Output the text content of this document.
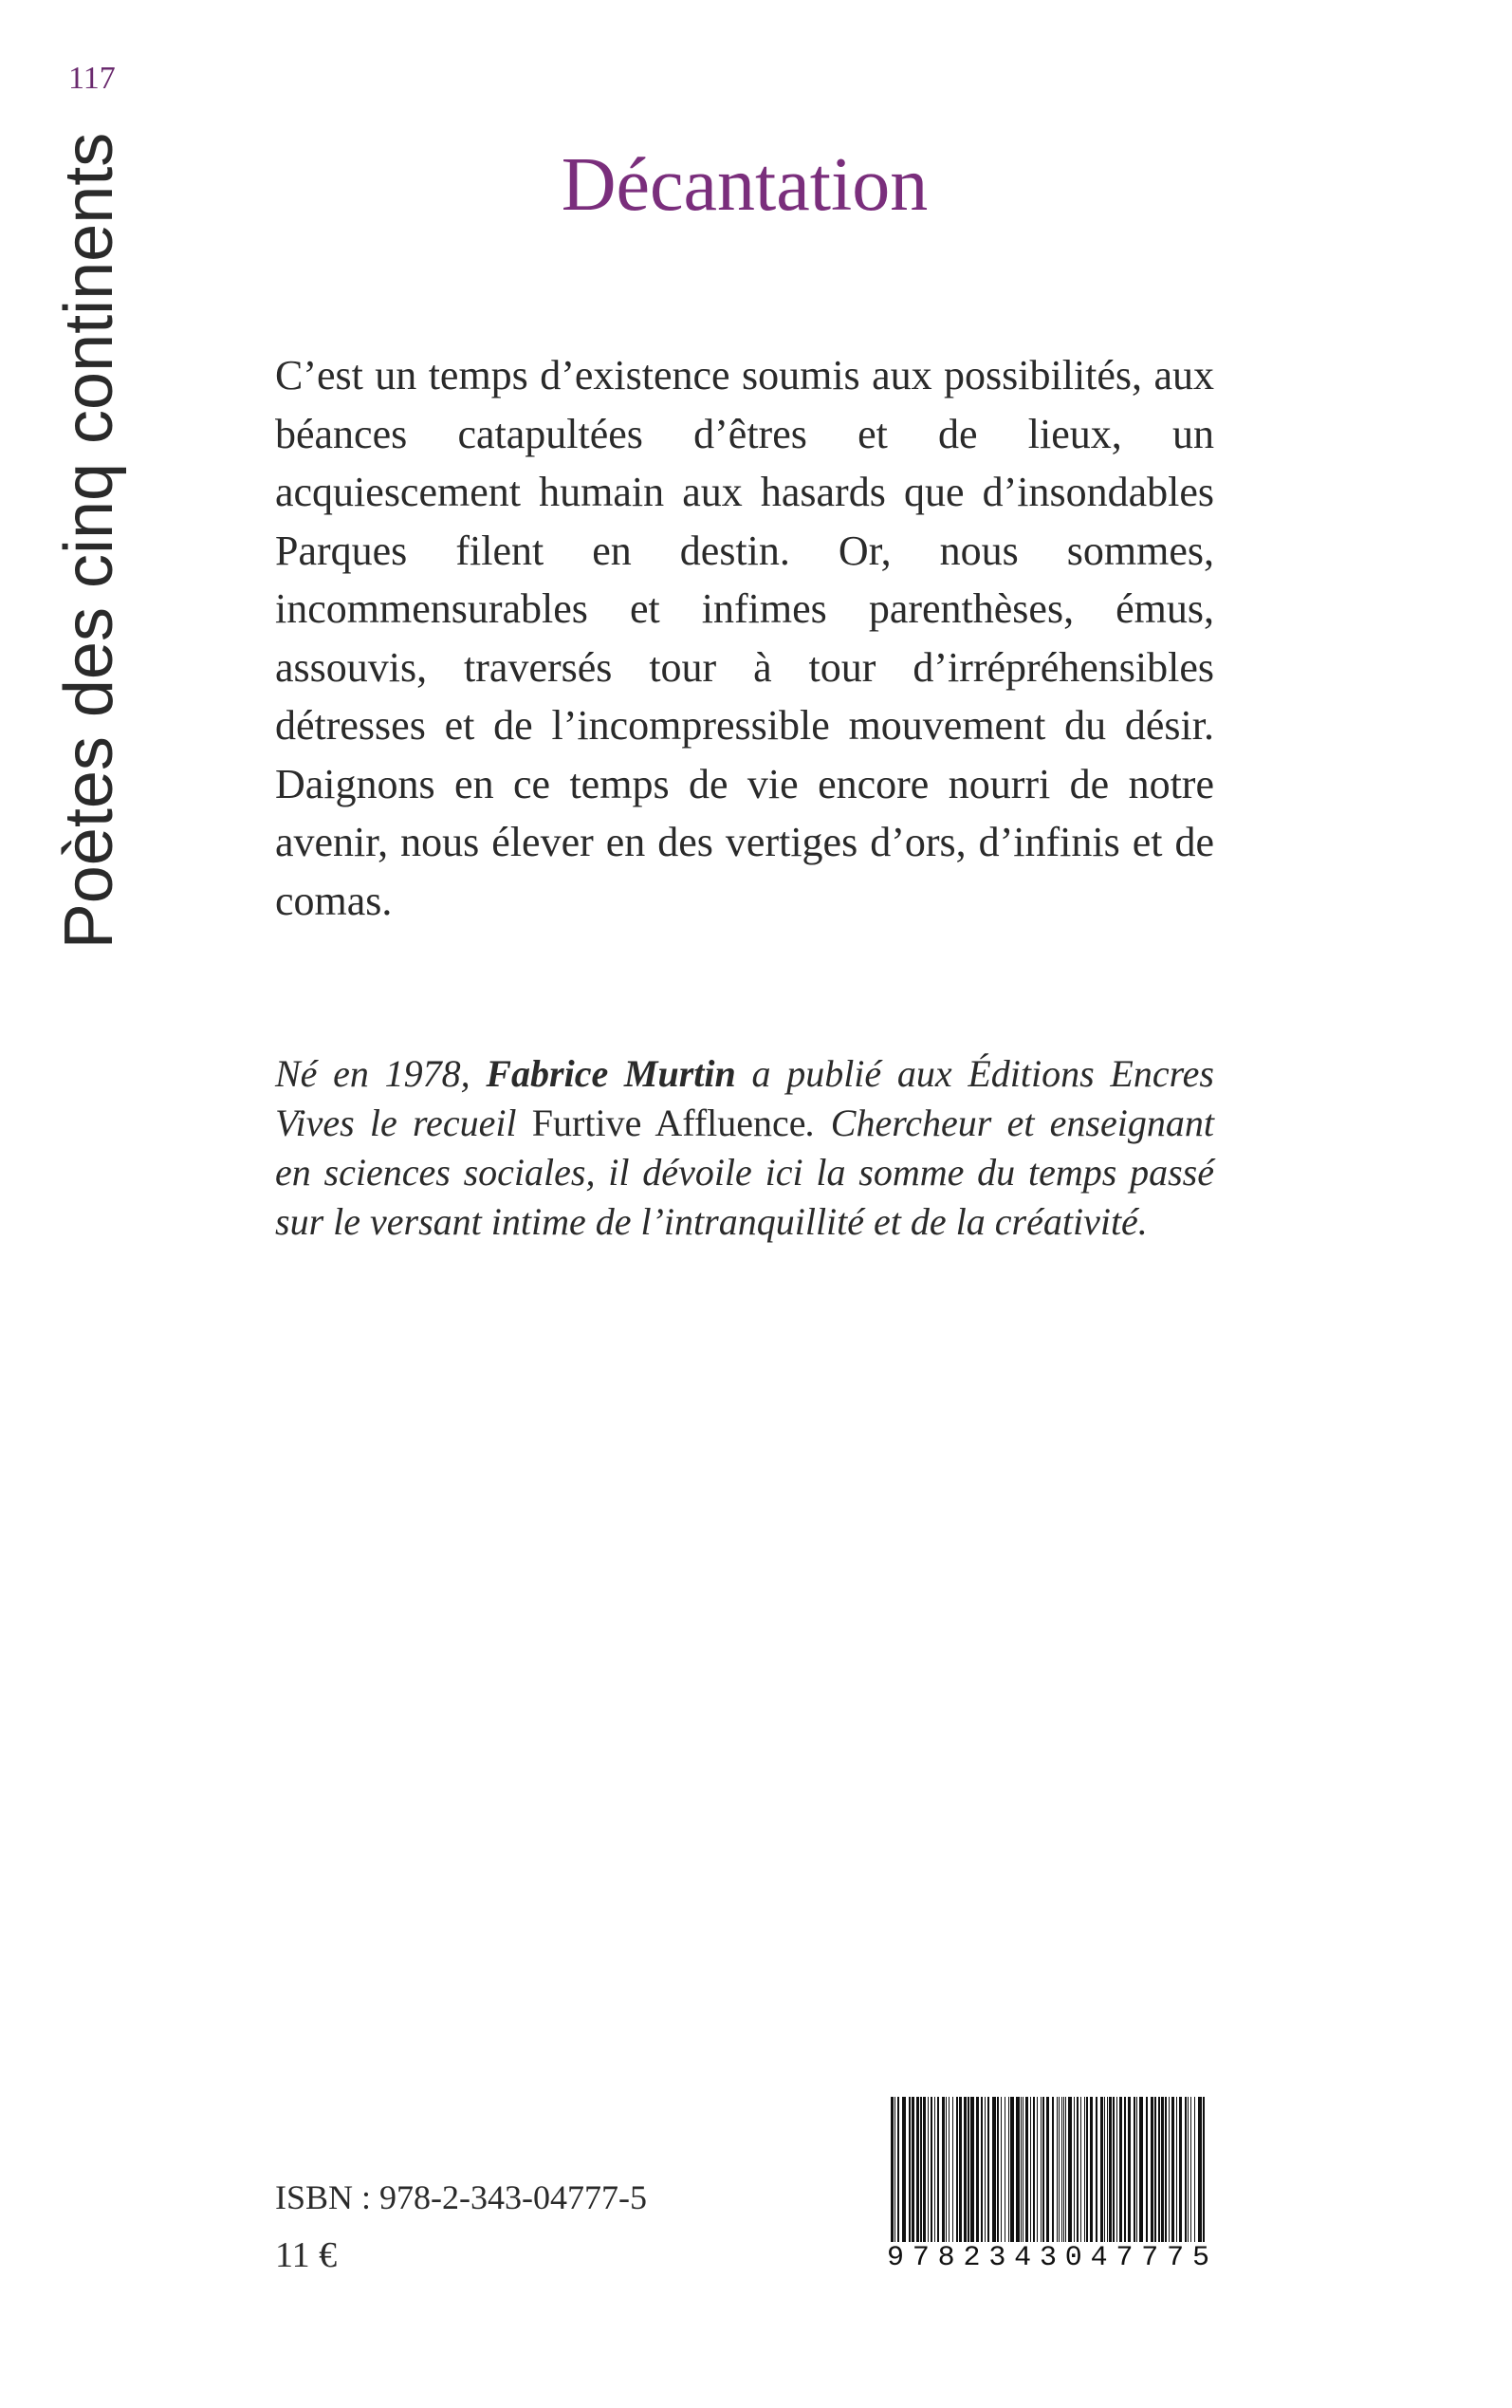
117
Poètes des cinq continents	Décantation

C’est un temps d’existence soumis aux possibilités, aux béances catapultées d’êtres et de lieux, un acquiescement humain aux hasards que d’insondables Parques filent en destin. Or, nous sommes, incommensurables et infimes parenthèses, émus, assouvis, traversés tour à tour d’irrépréhensibles détresses et de l’incompressible mouvement du désir. Daignons en ce temps de vie encore nourri de notre avenir, nous élever en des vertiges d’ors, d’infinis et de comas.

Né en 1978, Fabrice Murtin a publié aux Éditions Encres Vives le recueil Furtive Affluence. Chercheur et enseignant en sciences sociales, il dévoile ici la somme du temps passé sur le versant intime de l’intranquillité et de la créativité.

ISBN : 978-2-343-04777-5
11 €	9 7 8 2 3 4 3 0 4 7 7 7 5
